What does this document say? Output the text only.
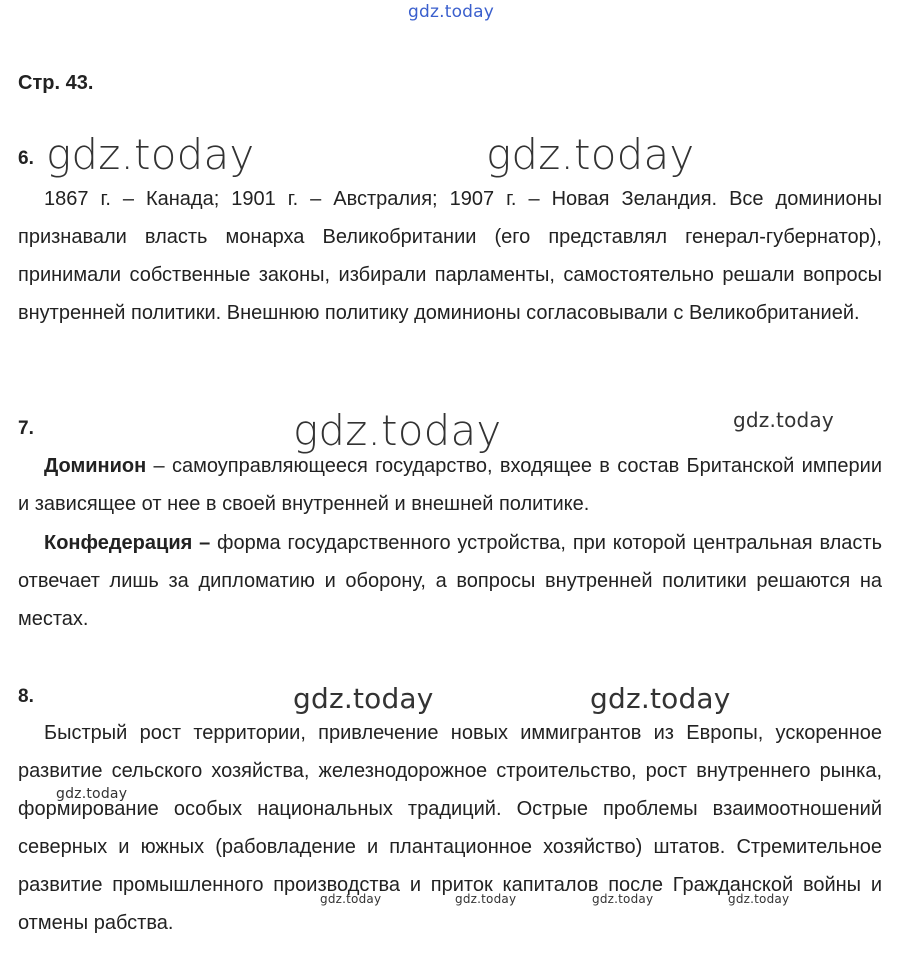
gdz.today
Стр. 43.
6. gdz.today	gdz.today

1867 г. – Канада; 1901 г. – Австралия; 1907 г. – Новая Зеландия. Все доминионы признавали власть монарха Великобритании (его представлял генерал-губернатор), принимали собственные законы, избирали парламенты, самостоятельно решали вопросы внутренней политики. Внешнюю политику доминионы согласовывали с Великобританией.

7.	gdz.today	gdz.today

Доминион – самоуправляющееся государство, входящее в состав Британской империи и зависящее от нее в своей внутренней и внешней политике.

Конфедерация – форма государственного устройства, при которой центральная власть отвечает лишь за дипломатию и оборону, а вопросы внутренней политики решаются на местах.

8.	gdz.today	gdz.today

Быстрый рост территории, привлечение новых иммигрантов из Европы, ускоренное развитие сельского хозяйства, железнодорожное строительство, рост внутреннего рынка, формирование особых национальных традиций. Острые проблемы взаимоотношений северных и южных (рабовладение и плантационное хозяйство) штатов. Стремительное развитие промышленного производства и приток капиталов после Гражданской войны и отмены рабства.

gdz.today
gdz.today	gdz.today	gdz.today	gdz.today
